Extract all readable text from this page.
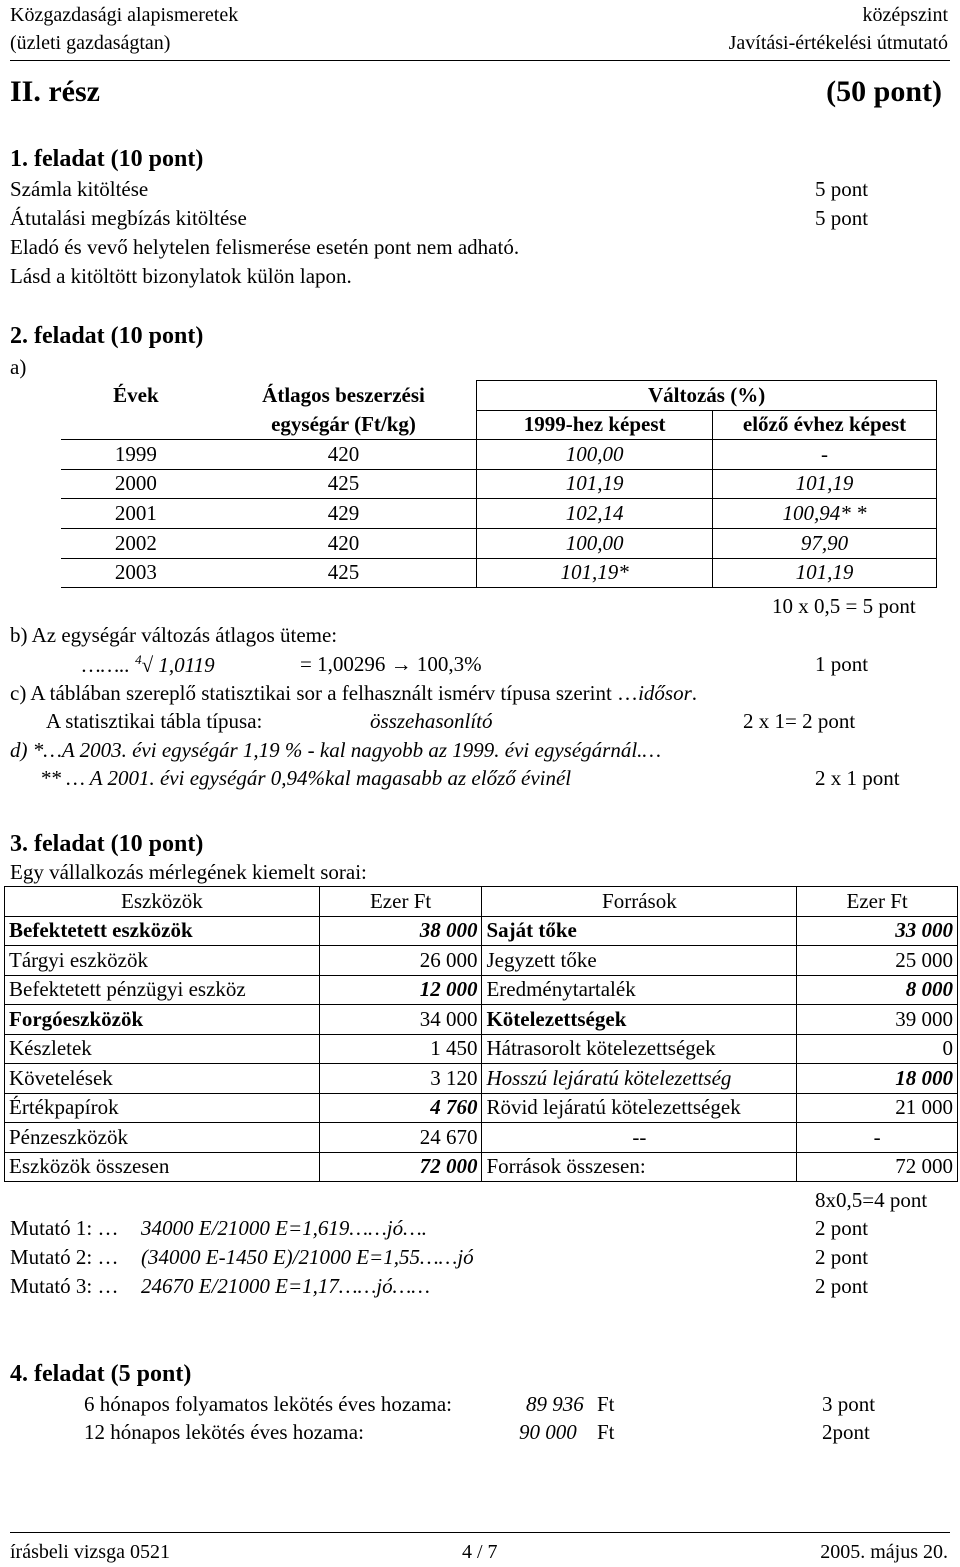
Közgazdasági alapismeretek
(üzleti gazdaságtan)
középszint
Javítási-értékelési útmutató
II. rész	(50 pont)
1. feladat (10 pont)
Számla kitöltése	5 pont
Átutalási megbízás kitöltése	5 pont
Eladó és vevő helytelen felismerése esetén pont nem adható.
Lásd a kitöltött bizonylatok külön lapon.
2. feladat (10 pont)
a)
Évek	Átlagos beszerzési	Változás (%)	
	egységár (Ft/kg)	1999-hez képest	előző évhez képest
1999	420	100,00	-
2000	425	101,19	101,19
2001	429	102,14	100,94* *
2002	420	100,00	97,90
2003	425	101,19*	101,19
10 x 0,5 = 5 pont
b) Az egységár változás átlagos üteme:
…….. $^4$√ 1,0119	= 1,00296 → 100,3%	1 pont
c) A táblában szereplő statisztikai sor a felhasznált ismérv típusa szerint …idősor.
A statisztikai tábla típusa:	összehasonlító	2 x 1= 2 pont
d) *…A 2003. évi egységár 1,19 % - kal nagyobb az 1999. évi egységárnál.…
** … A 2001. évi egységár 0,94%kal magasabb az előző évinél	2 x 1 pont
3. feladat (10 pont)
Egy vállalkozás mérlegének kiemelt sorai:
Eszközök	Ezer Ft	Források	Ezer Ft
Befektetett eszközök	38 000	Saját tőke	33 000
Tárgyi eszközök	26 000	Jegyzett tőke	25 000
Befektetett pénzügyi eszköz	12 000	Eredménytartalék	8 000
Forgóeszközök	34 000	Kötelezettségek	39 000
Készletek	1 450	Hátrasorolt kötelezettségek	0
Követelések	3 120	Hosszú lejáratú kötelezettség	18 000
Értékpapírok	4 760	Rövid lejáratú kötelezettségek	21 000
Pénzeszközök	24 670	--	-
Eszközök összesen	72 000	Források összesen:	72 000
8x0,5=4 pont
Mutató 1: … 34000 E/21000 E=1,619……jó….	2 pont
Mutató 2: … (34000 E-1450 E)/21000 E=1,55……jó	2 pont
Mutató 3: … 24670 E/21000 E=1,17……jó……	2 pont
4. feladat (5 pont)
6 hónapos folyamatos lekötés éves hozama:	89 936 Ft	3 pont
12 hónapos lekötés éves hozama:	90 000 Ft	2pont
írásbeli vizsga 0521	4 / 7	2005. május 20.
